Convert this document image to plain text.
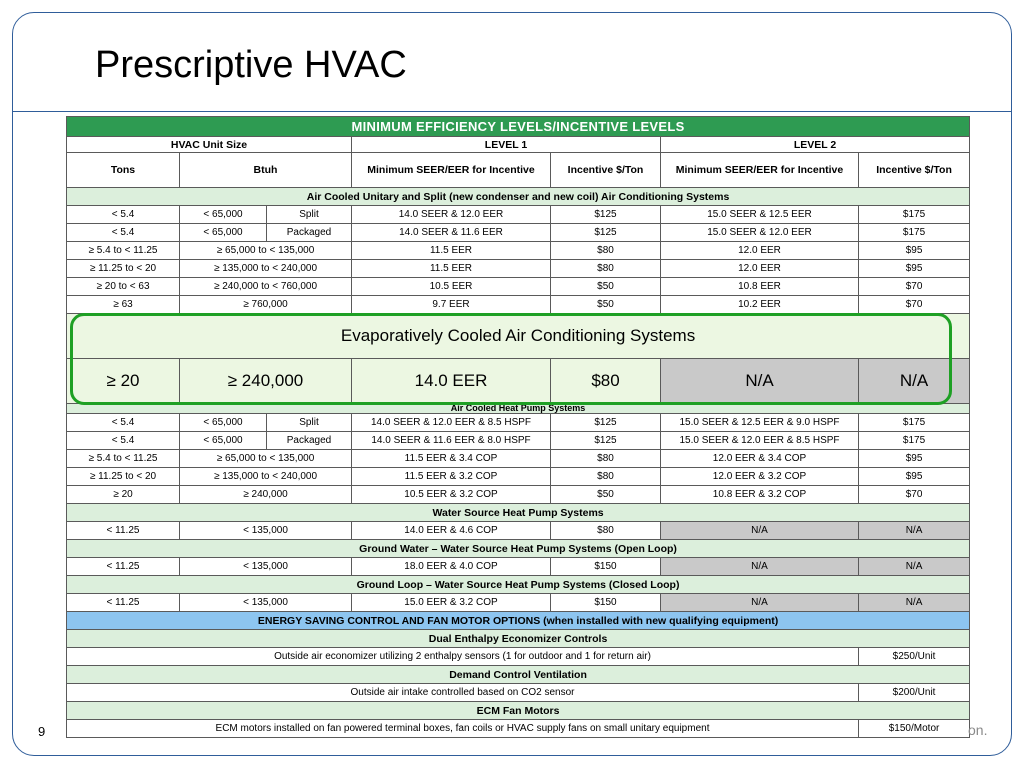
Prescriptive HVAC
MINIMUM EFFICIENCY LEVELS/INCENTIVE LEVELS						
HVAC Unit Size			LEVEL 1		LEVEL 2	
Tons	Btuh		Minimum SEER/EER for Incentive	Incentive $/Ton	Minimum SEER/EER for Incentive	Incentive $/Ton
Air Cooled Unitary and Split (new condenser and new coil) Air Conditioning Systems						
< 5.4	< 65,000	Split	14.0 SEER & 12.0 EER	$125	15.0 SEER & 12.5 EER	$175
< 5.4	< 65,000	Packaged	14.0 SEER & 11.6 EER	$125	15.0 SEER & 12.0 EER	$175
≥ 5.4 to < 11.25	≥ 65,000 to < 135,000		11.5 EER	$80	12.0 EER	$95
≥ 11.25 to < 20	≥ 135,000 to < 240,000		11.5 EER	$80	12.0 EER	$95
≥ 20 to < 63	≥ 240,000 to < 760,000		10.5 EER	$50	10.8 EER	$70
≥ 63	≥ 760,000		9.7 EER	$50	10.2 EER	$70
Evaporatively Cooled Air Conditioning Systems						
≥ 20	≥ 240,000		14.0 EER	$80	N/A	N/A
Air Cooled Heat Pump Systems						
< 5.4	< 65,000	Split	14.0 SEER & 12.0 EER & 8.5 HSPF	$125	15.0 SEER & 12.5 EER & 9.0 HSPF	$175
< 5.4	< 65,000	Packaged	14.0 SEER & 11.6 EER & 8.0 HSPF	$125	15.0 SEER & 12.0 EER & 8.5 HSPF	$175
≥ 5.4 to < 11.25	≥ 65,000 to < 135,000		11.5 EER & 3.4 COP	$80	12.0 EER & 3.4 COP	$95
≥ 11.25 to < 20	≥ 135,000 to < 240,000		11.5 EER & 3.2 COP	$80	12.0 EER & 3.2 COP	$95
≥ 20	≥ 240,000		10.5 EER & 3.2 COP	$50	10.8 EER & 3.2 COP	$70
Water Source Heat Pump Systems						
< 11.25	< 135,000		14.0 EER & 4.6 COP	$80	N/A	N/A
Ground Water – Water Source Heat Pump Systems (Open Loop)						
< 11.25	< 135,000		18.0 EER & 4.0 COP	$150	N/A	N/A
Ground Loop – Water Source Heat Pump Systems (Closed Loop)						
< 11.25	< 135,000		15.0 EER & 3.2 COP	$150	N/A	N/A
ENERGY SAVING CONTROL AND FAN MOTOR OPTIONS (when installed with new qualifying equipment)						
Dual Enthalpy Economizer Controls						
Outside air economizer utilizing 2 enthalpy sensors (1 for outdoor and 1 for return air)						$250/Unit
Demand Control Ventilation						
Outside air intake controlled based on CO2 sensor						$200/Unit
ECM Fan Motors						
ECM motors installed on fan powered terminal boxes, fan coils or HVAC supply fans on small unitary equipment						$150/Motor
9	on.
